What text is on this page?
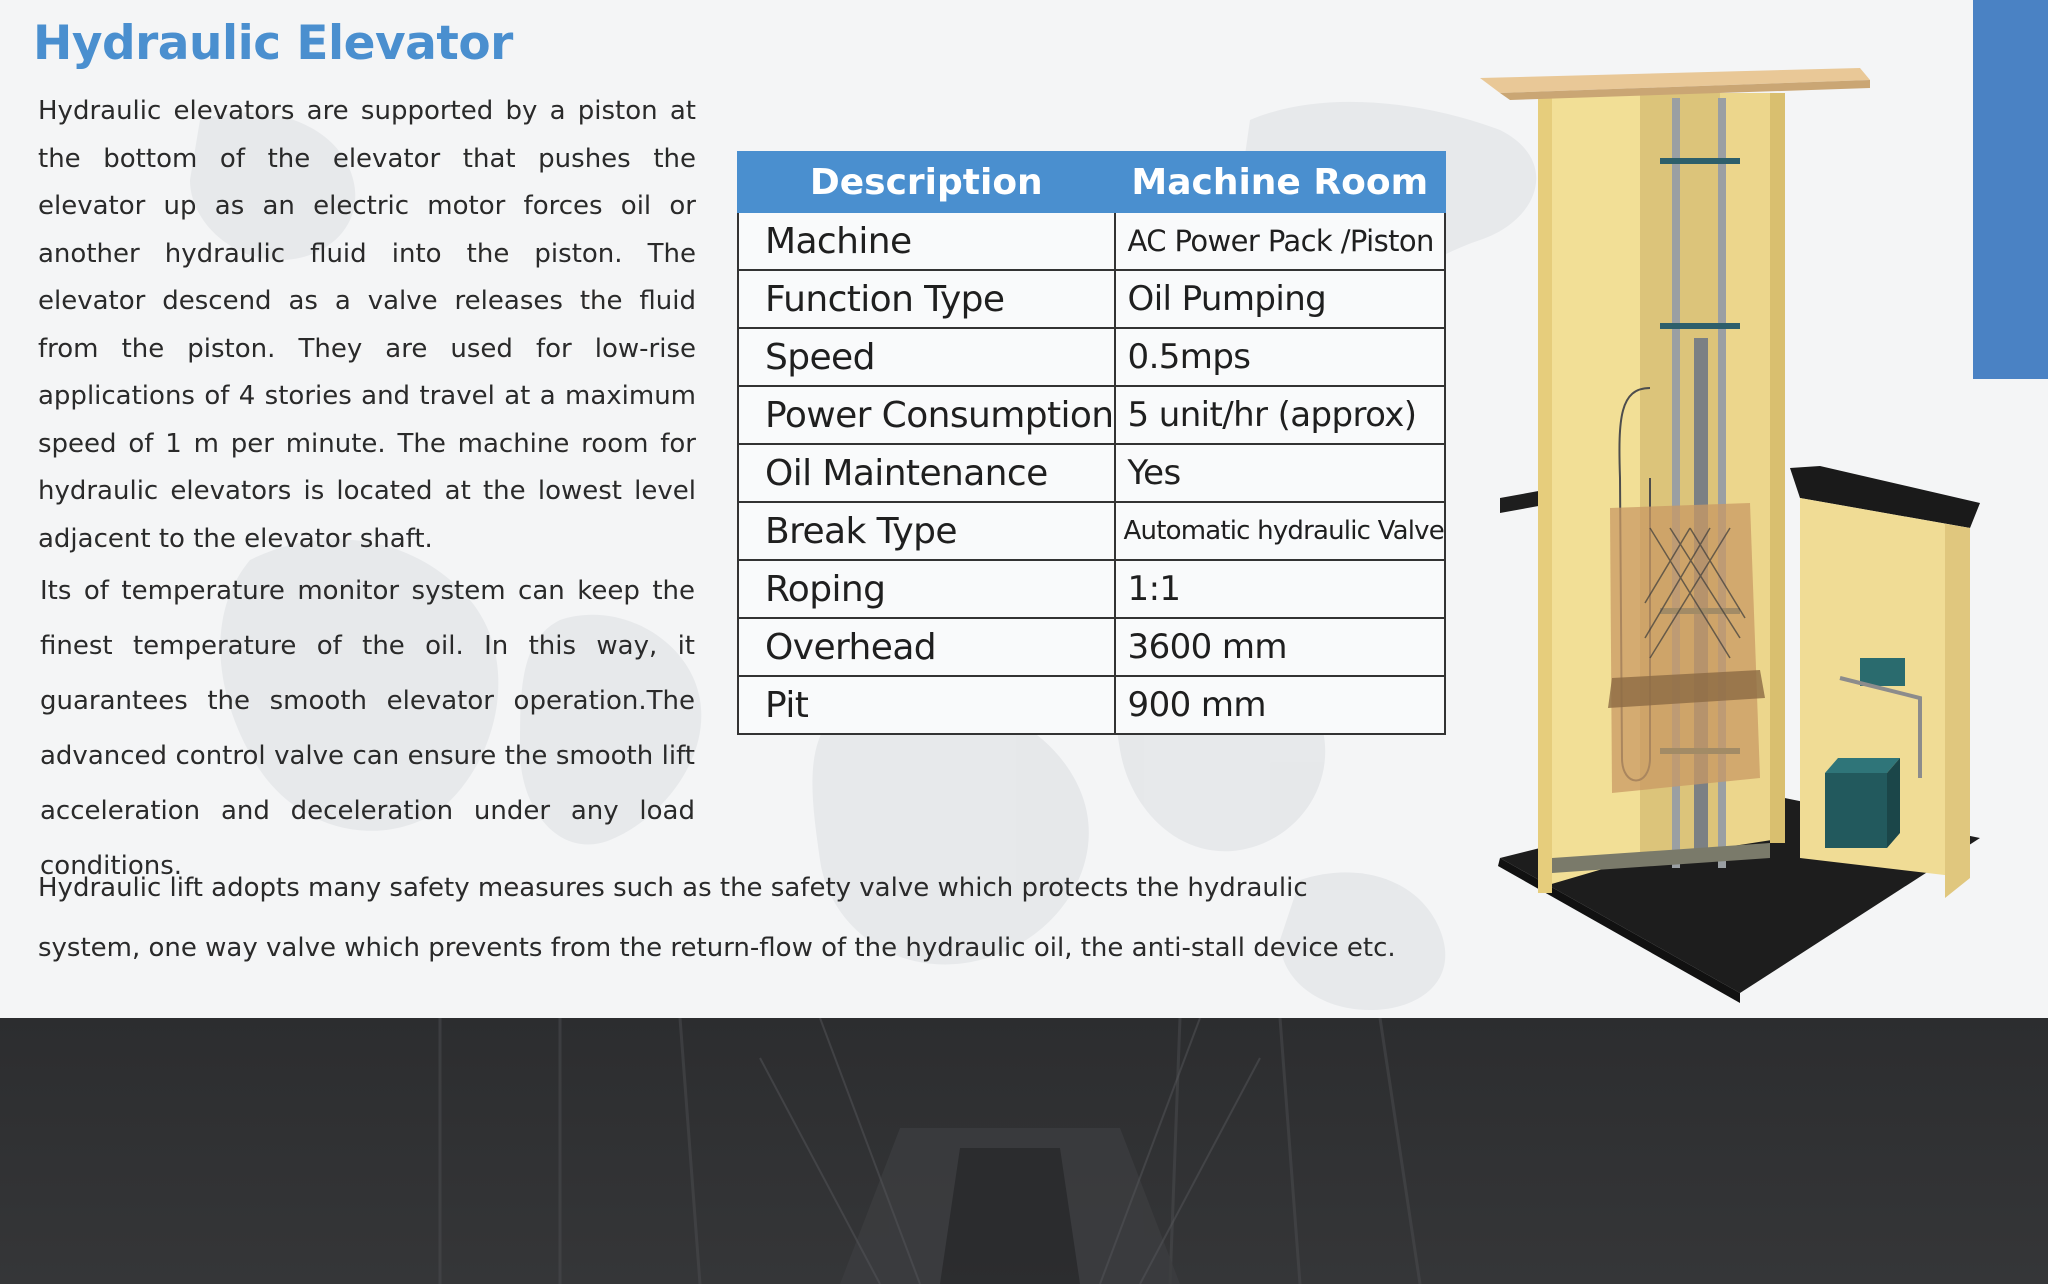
Hydraulic Elevator

Hydraulic elevators are supported by a piston at the bottom of the elevator that pushes the elevator up as an electric motor forces oil or another hydraulic fluid into the piston. The elevator descend as a valve releases the fluid from the piston. They are used for low-rise applications of 4 stories and travel at a maximum speed of 1 m per minute. The machine room for hydraulic elevators is located at the lowest level adjacent to the elevator shaft.

Its of temperature monitor system can keep the finest temperature of the oil. In this way, it guarantees the smooth elevator operation.The advanced control valve can ensure the smooth lift acceleration and deceleration under any load conditions.

Hydraulic lift adopts many safety measures such as the safety valve which protects the hydraulic system, one way valve which prevents from the return-flow of the hydraulic oil, the anti-stall device etc.

Description	Machine Room
Machine	AC Power Pack /Piston
Function Type	Oil Pumping
Speed	0.5mps
Power Consumption	5 unit/hr (approx)
Oil Maintenance	Yes
Break Type	Automatic hydraulic Valve
Roping	1:1
Overhead	3600 mm
Pit	900 mm
